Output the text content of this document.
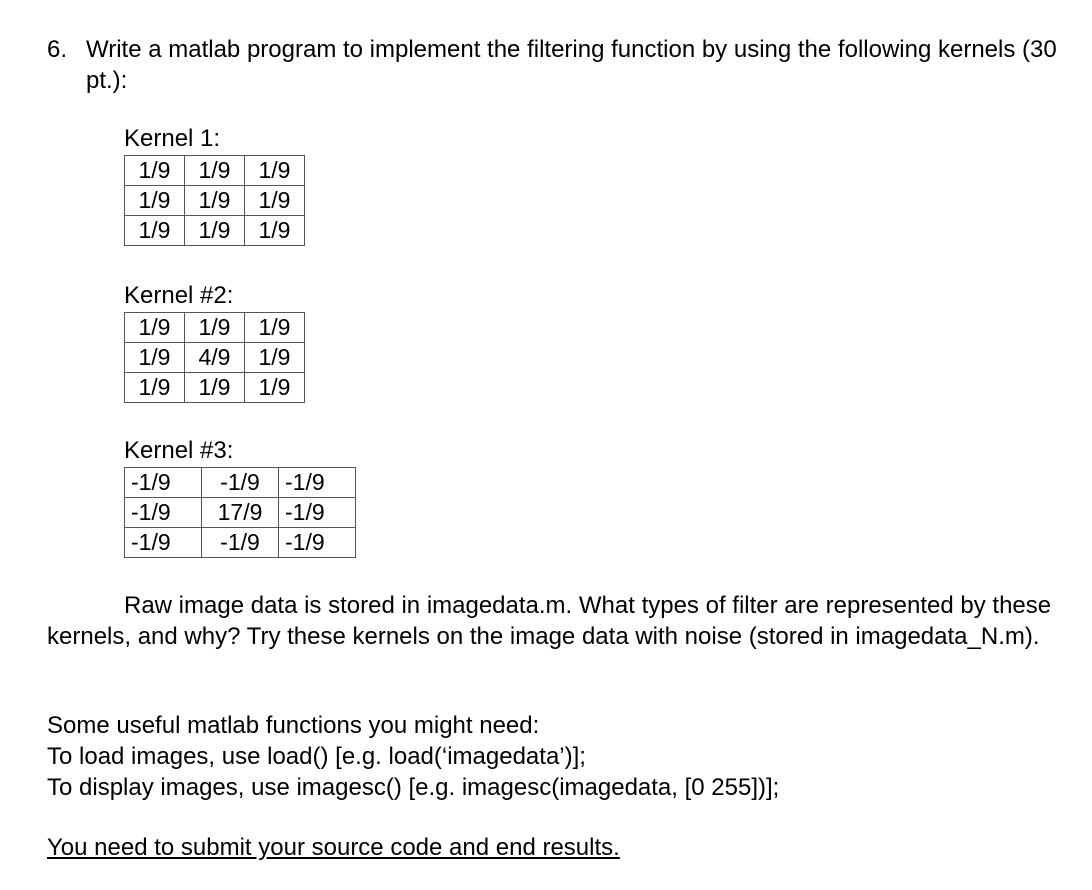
6. Write a matlab program to implement the filtering function by using the following kernels (30 pt.):
Kernel 1:
1/9	1/9	1/9
1/9	1/9	1/9
1/9	1/9	1/9
Kernel #2:
1/9	1/9	1/9
1/9	4/9	1/9
1/9	1/9	1/9
Kernel #3:
-1/9	-1/9	-1/9
-1/9	17/9	-1/9
-1/9	-1/9	-1/9
Raw image data is stored in imagedata.m. What types of filter are represented by these kernels, and why? Try these kernels on the image data with noise (stored in imagedata_N.m).
Some useful matlab functions you might need:
To load images, use load() [e.g. load(‘imagedata’)];
To display images, use imagesc() [e.g. imagesc(imagedata, [0 255])];
You need to submit your source code and end results.
